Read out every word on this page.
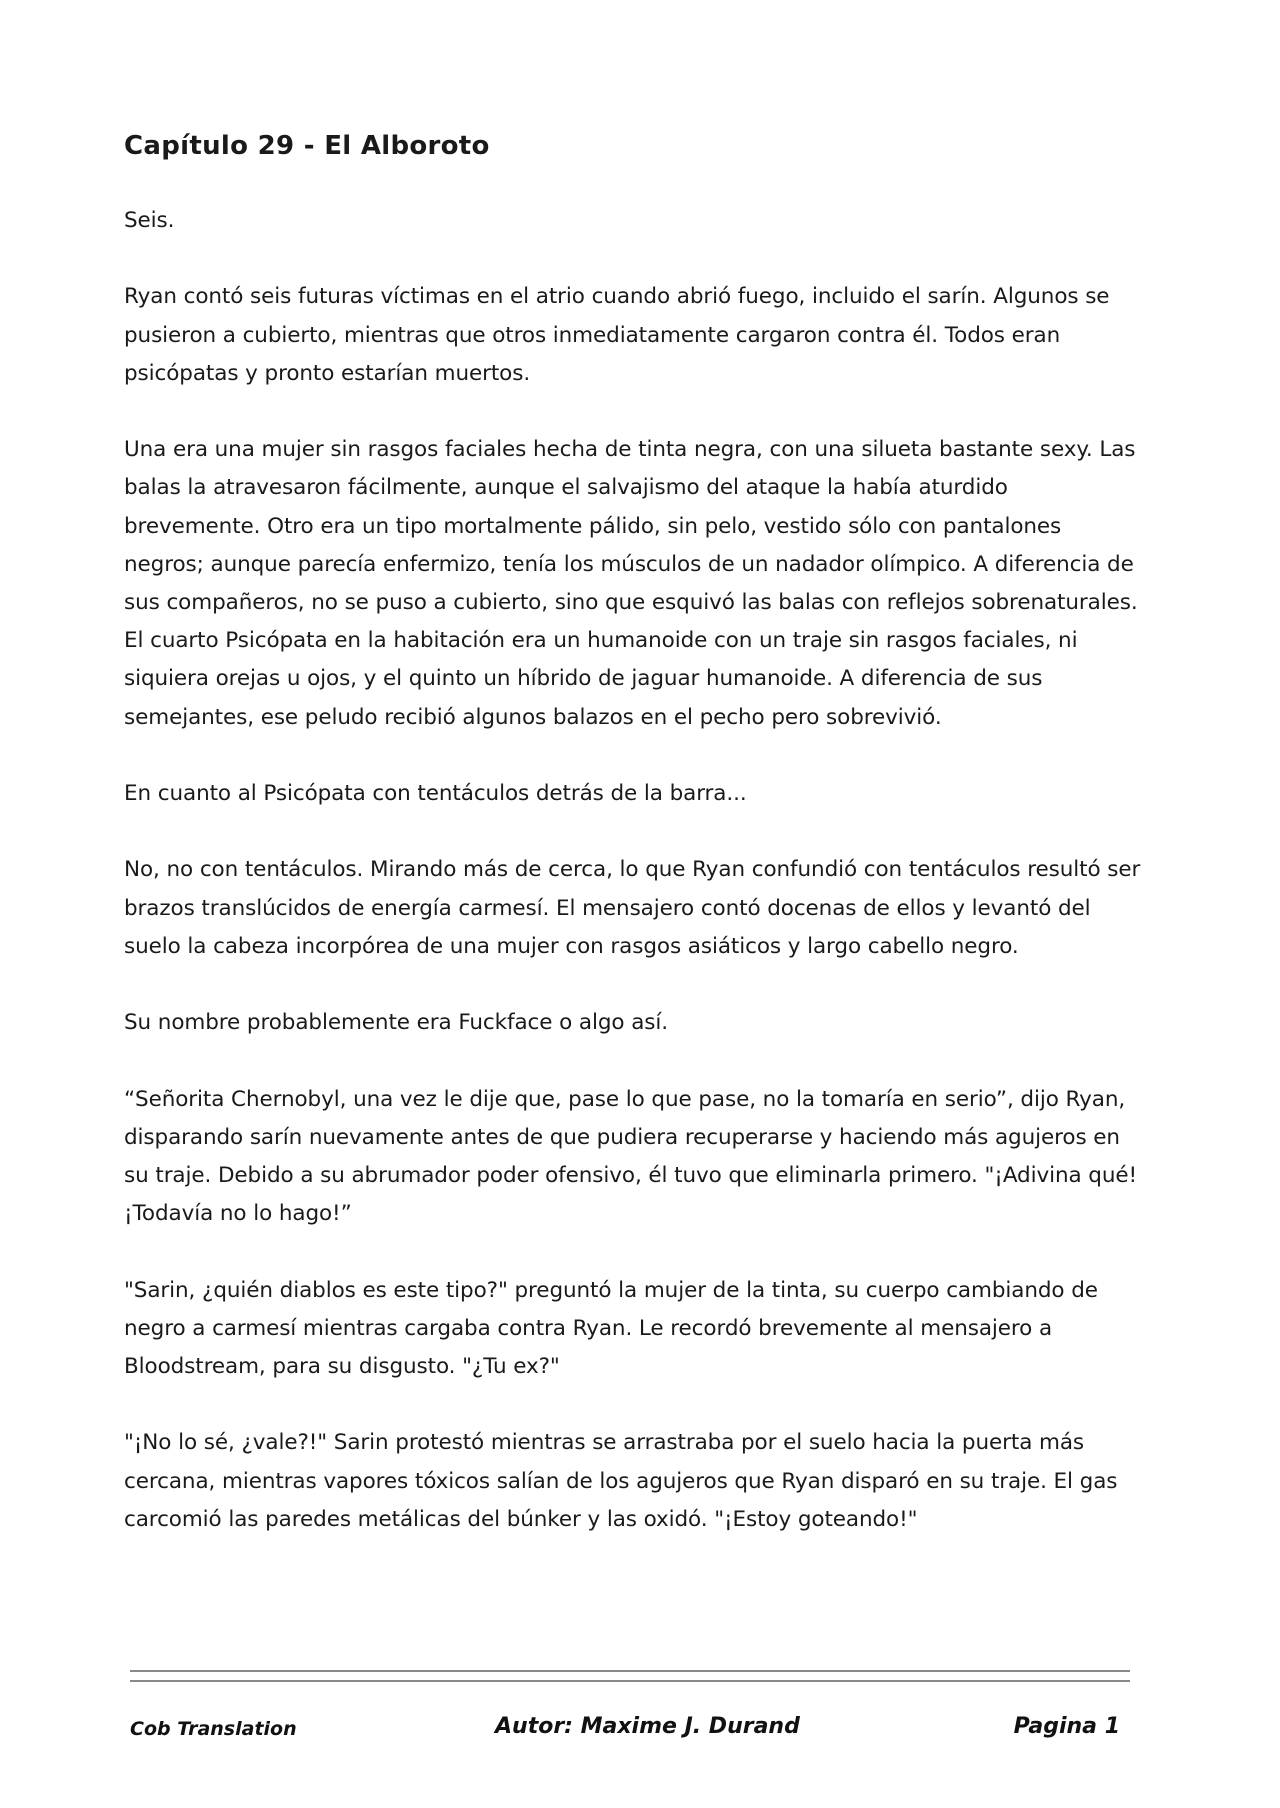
Capítulo 29 - El Alboroto

Seis.

Ryan contó seis futuras víctimas en el atrio cuando abrió fuego, incluido el sarín. Algunos se pusieron a cubierto, mientras que otros inmediatamente cargaron contra él. Todos eran psicópatas y pronto estarían muertos.

Una era una mujer sin rasgos faciales hecha de tinta negra, con una silueta bastante sexy. Las balas la atravesaron fácilmente, aunque el salvajismo del ataque la había aturdido brevemente. Otro era un tipo mortalmente pálido, sin pelo, vestido sólo con pantalones negros; aunque parecía enfermizo, tenía los músculos de un nadador olímpico. A diferencia de sus compañeros, no se puso a cubierto, sino que esquivó las balas con reflejos sobrenaturales. El cuarto Psicópata en la habitación era un humanoide con un traje sin rasgos faciales, ni siquiera orejas u ojos, y el quinto un híbrido de jaguar humanoide. A diferencia de sus semejantes, ese peludo recibió algunos balazos en el pecho pero sobrevivió.

En cuanto al Psicópata con tentáculos detrás de la barra...

No, no con tentáculos. Mirando más de cerca, lo que Ryan confundió con tentáculos resultó ser brazos translúcidos de energía carmesí. El mensajero contó docenas de ellos y levantó del suelo la cabeza incorpórea de una mujer con rasgos asiáticos y largo cabello negro.

Su nombre probablemente era Fuckface o algo así.

“Señorita Chernobyl, una vez le dije que, pase lo que pase, no la tomaría en serio”, dijo Ryan, disparando sarín nuevamente antes de que pudiera recuperarse y haciendo más agujeros en su traje. Debido a su abrumador poder ofensivo, él tuvo que eliminarla primero. "¡Adivina qué! ¡Todavía no lo hago!”

"Sarin, ¿quién diablos es este tipo?" preguntó la mujer de la tinta, su cuerpo cambiando de negro a carmesí mientras cargaba contra Ryan. Le recordó brevemente al mensajero a Bloodstream, para su disgusto. "¿Tu ex?"

"¡No lo sé, ¿vale?!" Sarin protestó mientras se arrastraba por el suelo hacia la puerta más cercana, mientras vapores tóxicos salían de los agujeros que Ryan disparó en su traje. El gas carcomió las paredes metálicas del búnker y las oxidó. "¡Estoy goteando!"

Cob Translation	Autor: Maxime J. Durand	Pagina 1
